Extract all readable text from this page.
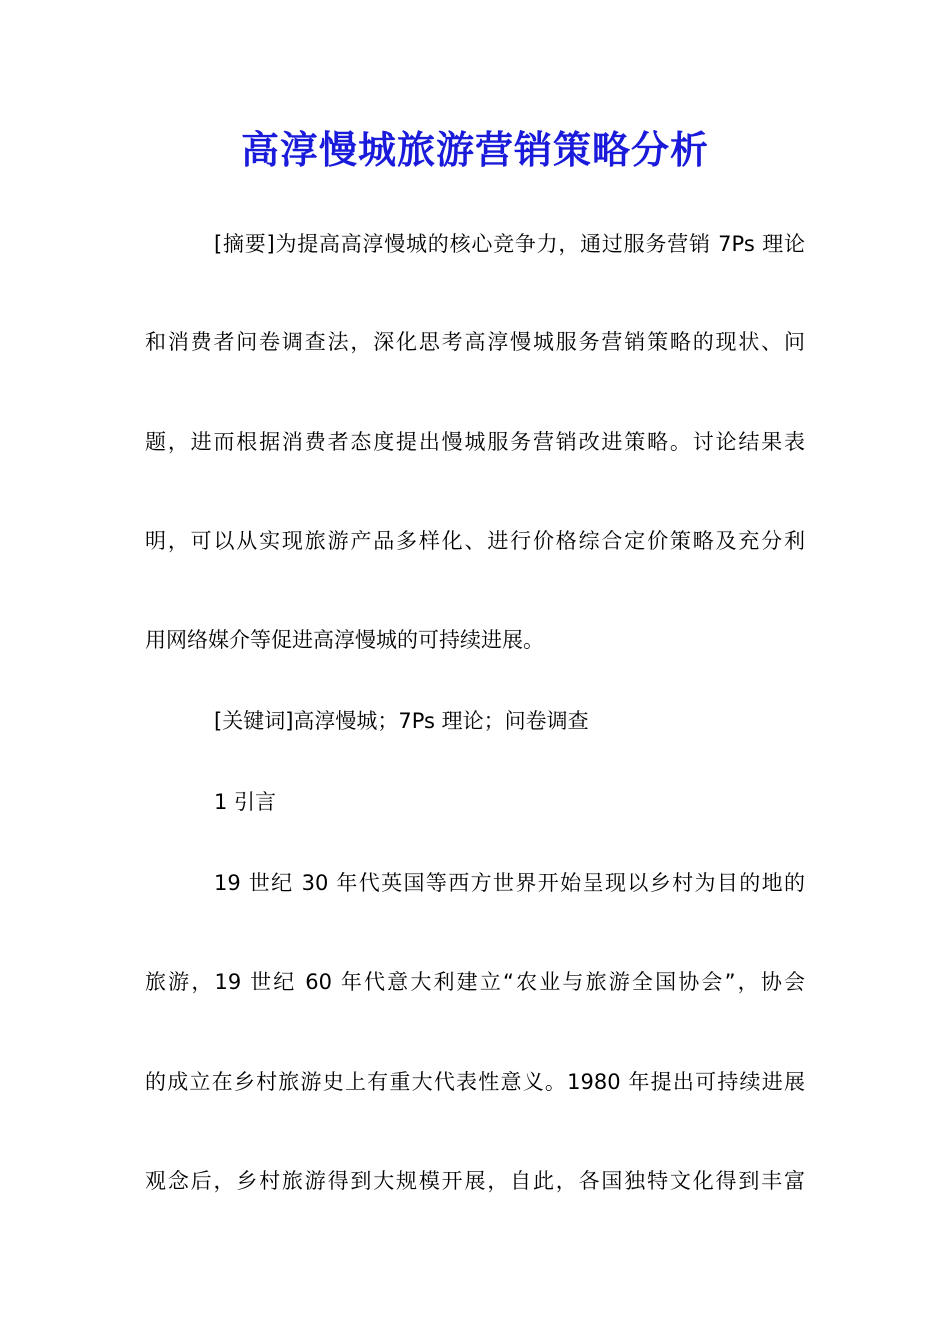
高淳慢城旅游营销策略分析
[摘要]为提高高淳慢城的核心竞争力，通过服务营销 7Ps 理论
和消费者问卷调查法，深化思考高淳慢城服务营销策略的现状、问
题，进而根据消费者态度提出慢城服务营销改进策略。讨论结果表
明，可以从实现旅游产品多样化、进行价格综合定价策略及充分利
用网络媒介等促进高淳慢城的可持续进展。
[关键词]高淳慢城；7Ps 理论；问卷调查
1 引言
19 世纪 30 年代英国等西方世界开始呈现以乡村为目的地的
旅游，19 世纪 60 年代意大利建立“农业与旅游全国协会”，协会
的成立在乡村旅游史上有重大代表性意义。1980 年提出可持续进展
观念后，乡村旅游得到大规模开展，自此，各国独特文化得到丰富
